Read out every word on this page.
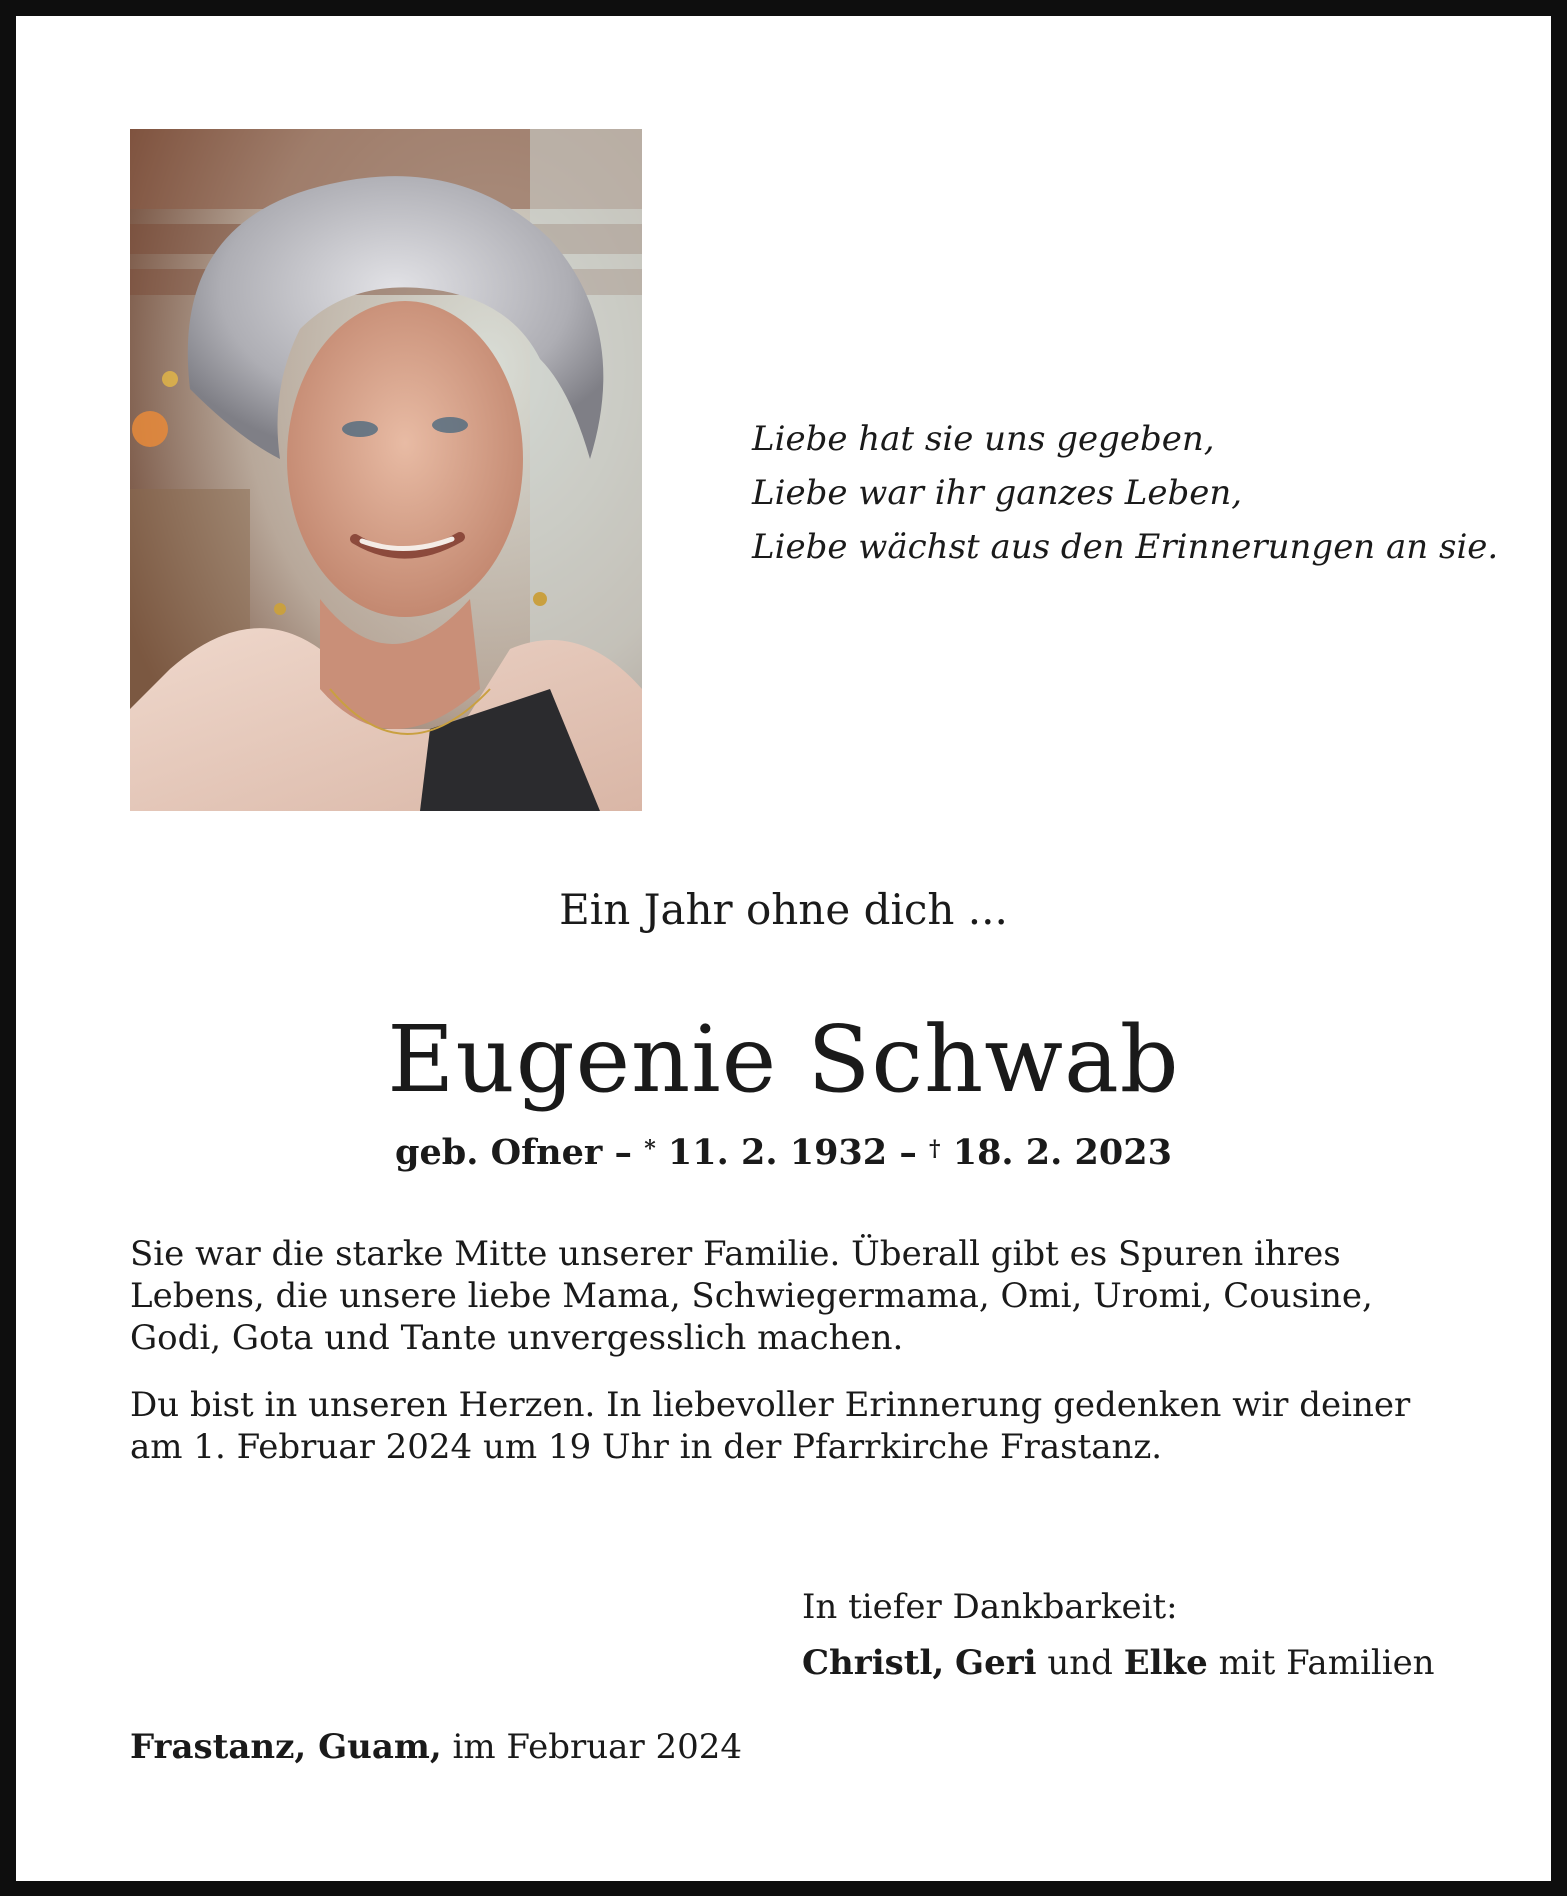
Liebe hat sie uns gegeben,
Liebe war ihr ganzes Leben,
Liebe wächst aus den Erinnerungen an sie.
Ein Jahr ohne dich ...
Eugenie Schwab
geb. Ofner – * 11. 2. 1932 – † 18. 2. 2023
Sie war die starke Mitte unserer Familie. Überall gibt es Spuren ihres Lebens, die unsere liebe Mama, Schwiegermama, Omi, Uromi, Cousine, Godi, Gota und Tante unvergesslich machen.
Du bist in unseren Herzen. In liebevoller Erinnerung gedenken wir deiner am 1. Februar 2024 um 19 Uhr in der Pfarrkirche Frastanz.
In tiefer Dankbarkeit:
Christl, Geri und Elke mit Familien
Frastanz, Guam, im Februar 2024
